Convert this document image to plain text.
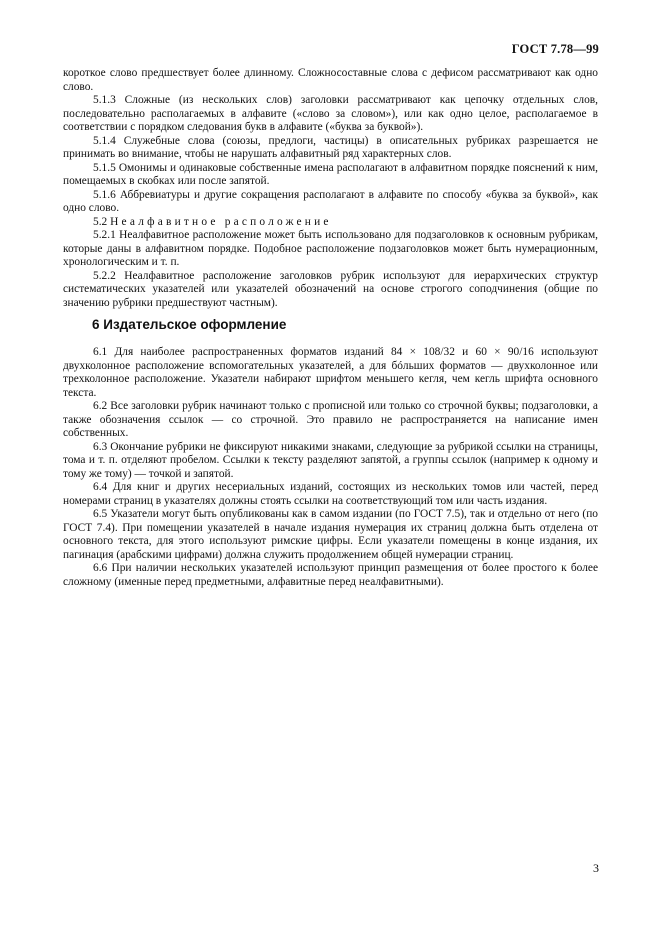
ГОСТ 7.78—99

короткое слово предшествует более длинному. Сложносоставные слова с дефисом рассматривают как одно слово.

5.1.3 Сложные (из нескольких слов) заголовки рассматривают как цепочку отдельных слов, последовательно располагаемых в алфавите («слово за словом»), или как одно целое, располагаемое в соответствии с порядком следования букв в алфавите («буква за буквой»).

5.1.4 Служебные слова (союзы, предлоги, частицы) в описательных рубриках разрешается не принимать во внимание, чтобы не нарушать алфавитный ряд характерных слов.

5.1.5 Омонимы и одинаковые собственные имена располагают в алфавитном порядке пояснений к ним, помещаемых в скобках или после запятой.

5.1.6 Аббревиатуры и другие сокращения располагают в алфавите по способу «буква за буквой», как одно слово.

5.2 Неалфавитное расположение

5.2.1 Неалфавитное расположение может быть использовано для подзаголовков к основным рубрикам, которые даны в алфавитном порядке. Подобное расположение подзаголовков может быть нумерационным, хронологическим и т. п.

5.2.2 Неалфавитное расположение заголовков рубрик используют для иерархических структур систематических указателей или указателей обозначений на основе строгого соподчинения (общие по значению рубрики предшествуют частным).

6 Издательское оформление

6.1 Для наиболее распространенных форматов изданий 84 × 108/32 и 60 × 90/16 используют двухколонное расположение вспомогательных указателей, а для бóльших форматов — двухколонное или трехколонное расположение. Указатели набирают шрифтом меньшего кегля, чем кегль шрифта основного текста.

6.2 Все заголовки рубрик начинают только с прописной или только со строчной буквы; подзаголовки, а также обозначения ссылок — со строчной. Это правило не распространяется на написание имен собственных.

6.3 Окончание рубрики не фиксируют никакими знаками, следующие за рубрикой ссылки на страницы, тома и т. п. отделяют пробелом. Ссылки к тексту разделяют запятой, а группы ссылок (например к одному и тому же тому) — точкой и запятой.

6.4 Для книг и других несериальных изданий, состоящих из нескольких томов или частей, перед номерами страниц в указателях должны стоять ссылки на соответствующий том или часть издания.

6.5 Указатели могут быть опубликованы как в самом издании (по ГОСТ 7.5), так и отдельно от него (по ГОСТ 7.4). При помещении указателей в начале издания нумерация их страниц должна быть отделена от основного текста, для этого используют римские цифры. Если указатели помещены в конце издания, их пагинация (арабскими цифрами) должна служить продолжением общей нумерации страниц.

6.6 При наличии нескольких указателей используют принцип размещения от более простого к более сложному (именные перед предметными, алфавитные перед неалфавитными).

3
